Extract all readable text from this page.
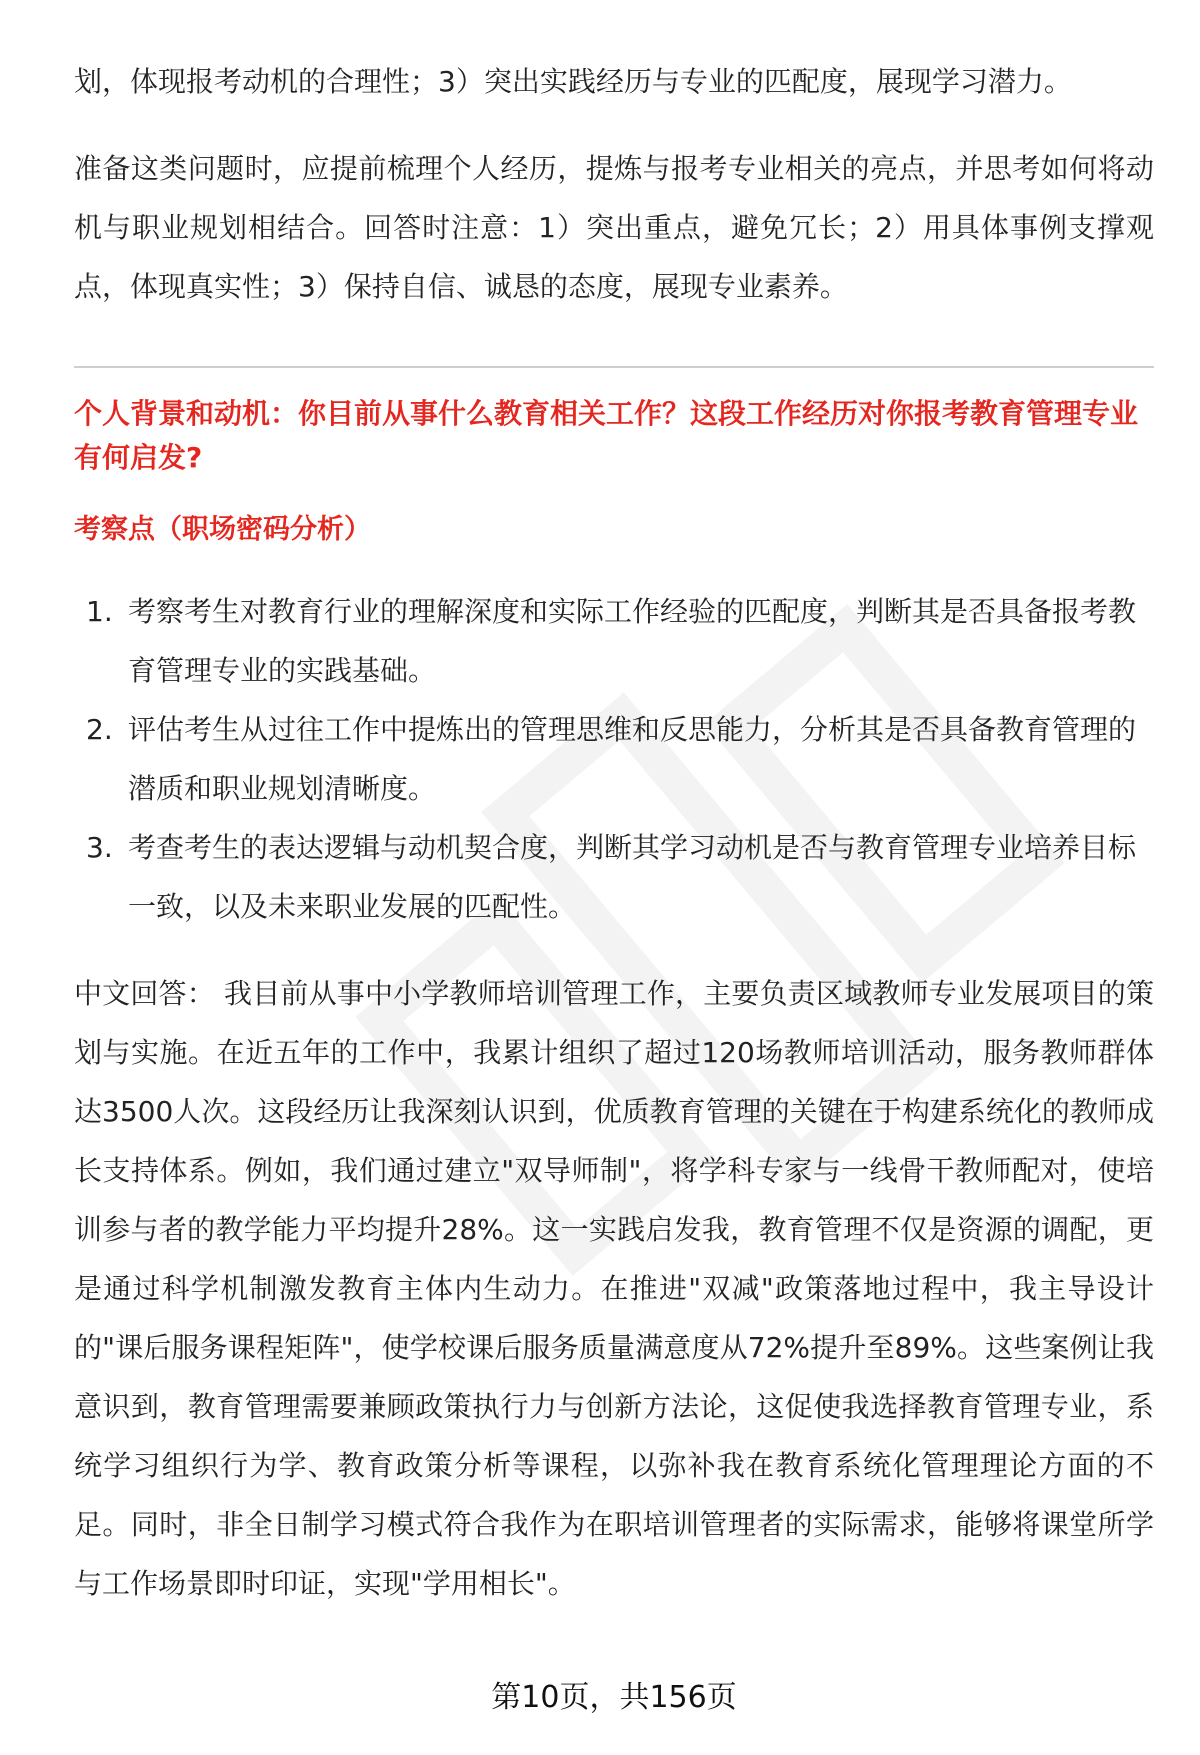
划，体现报考动机的合理性；3）突出实践经历与专业的匹配度，展现学习潜力。

准备这类问题时，应提前梳理个人经历，提炼与报考专业相关的亮点，并思考如何将动机与职业规划相结合。回答时注意：1）突出重点，避免冗长；2）用具体事例支撑观点，体现真实性；3）保持自信、诚恳的态度，展现专业素养。

个人背景和动机：你目前从事什么教育相关工作？这段工作经历对你报考教育管理专业有何启发?

考察点（职场密码分析）

1. 考察考生对教育行业的理解深度和实际工作经验的匹配度，判断其是否具备报考教育管理专业的实践基础。
2. 评估考生从过往工作中提炼出的管理思维和反思能力，分析其是否具备教育管理的潜质和职业规划清晰度。
3. 考查考生的表达逻辑与动机契合度，判断其学习动机是否与教育管理专业培养目标一致，以及未来职业发展的匹配性。

中文回答： 我目前从事中小学教师培训管理工作，主要负责区域教师专业发展项目的策划与实施。在近五年的工作中，我累计组织了超过120场教师培训活动，服务教师群体达3500人次。这段经历让我深刻认识到，优质教育管理的关键在于构建系统化的教师成长支持体系。例如，我们通过建立"双导师制"，将学科专家与一线骨干教师配对，使培训参与者的教学能力平均提升28%。这一实践启发我，教育管理不仅是资源的调配，更是通过科学机制激发教育主体内生动力。在推进"双减"政策落地过程中，我主导设计的"课后服务课程矩阵"，使学校课后服务质量满意度从72%提升至89%。这些案例让我意识到，教育管理需要兼顾政策执行力与创新方法论，这促使我选择教育管理专业，系统学习组织行为学、教育政策分析等课程，以弥补我在教育系统化管理理论方面的不足。同时，非全日制学习模式符合我作为在职培训管理者的实际需求，能够将课堂所学与工作场景即时印证，实现"学用相长"。

第10页，共156页
